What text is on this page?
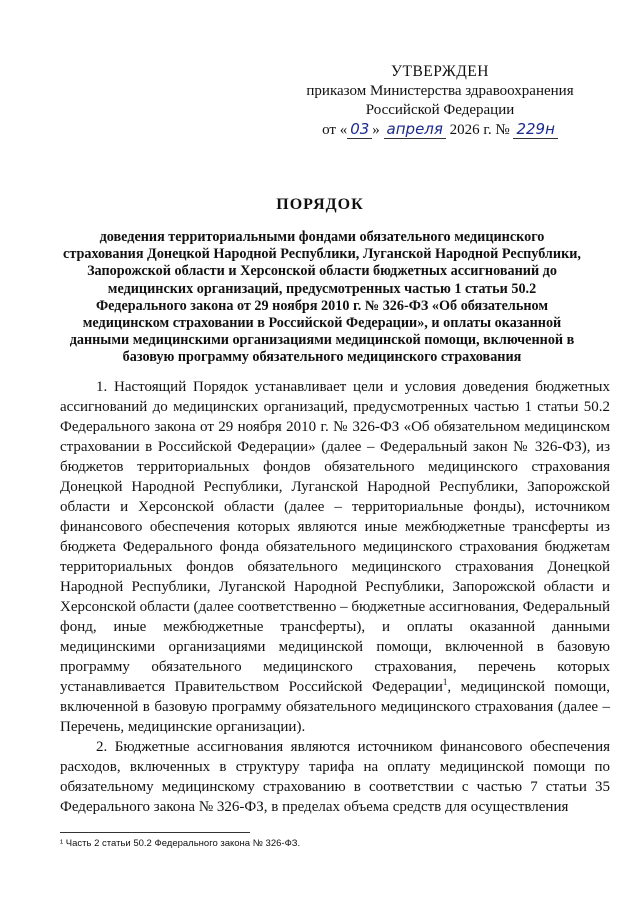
УТВЕРЖДЕН
приказом Министерства здравоохранения
Российской Федерации
от « 03 » апреля 2026 г. № 229н
ПОРЯДОК
доведения территориальными фондами обязательного медицинского страхования Донецкой Народной Республики, Луганской Народной Республики, Запорожской области и Херсонской области бюджетных ассигнований до медицинских организаций, предусмотренных частью 1 статьи 50.2 Федерального закона от 29 ноября 2010 г. № 326-ФЗ «Об обязательном медицинском страховании в Российской Федерации», и оплаты оказанной данными медицинскими организациями медицинской помощи, включенной в базовую программу обязательного медицинского страхования

1. Настоящий Порядок устанавливает цели и условия доведения бюджетных ассигнований до медицинских организаций, предусмотренных частью 1 статьи 50.2 Федерального закона от 29 ноября 2010 г. № 326-ФЗ «Об обязательном медицинском страховании в Российской Федерации» (далее – Федеральный закон № 326-ФЗ), из бюджетов территориальных фондов обязательного медицинского страхования Донецкой Народной Республики, Луганской Народной Республики, Запорожской области и Херсонской области (далее – территориальные фонды), источником финансового обеспечения которых являются иные межбюджетные трансферты из бюджета Федерального фонда обязательного медицинского страхования бюджетам территориальных фондов обязательного медицинского страхования Донецкой Народной Республики, Луганской Народной Республики, Запорожской области и Херсонской области (далее соответственно – бюджетные ассигнования, Федеральный фонд, иные межбюджетные трансферты), и оплаты оказанной данными медицинскими организациями медицинской помощи, включенной в базовую программу обязательного медицинского страхования, перечень которых устанавливается Правительством Российской Федерации$^1$, медицинской помощи, включенной в базовую программу обязательного медицинского страхования (далее – Перечень, медицинские организации).

2. Бюджетные ассигнования являются источником финансового обеспечения расходов, включенных в структуру тарифа на оплату медицинской помощи по обязательному медицинскому страхованию в соответствии с частью 7 статьи 35 Федерального закона № 326-ФЗ, в пределах объема средств для осуществления

¹ Часть 2 статьи 50.2 Федерального закона № 326-ФЗ.
